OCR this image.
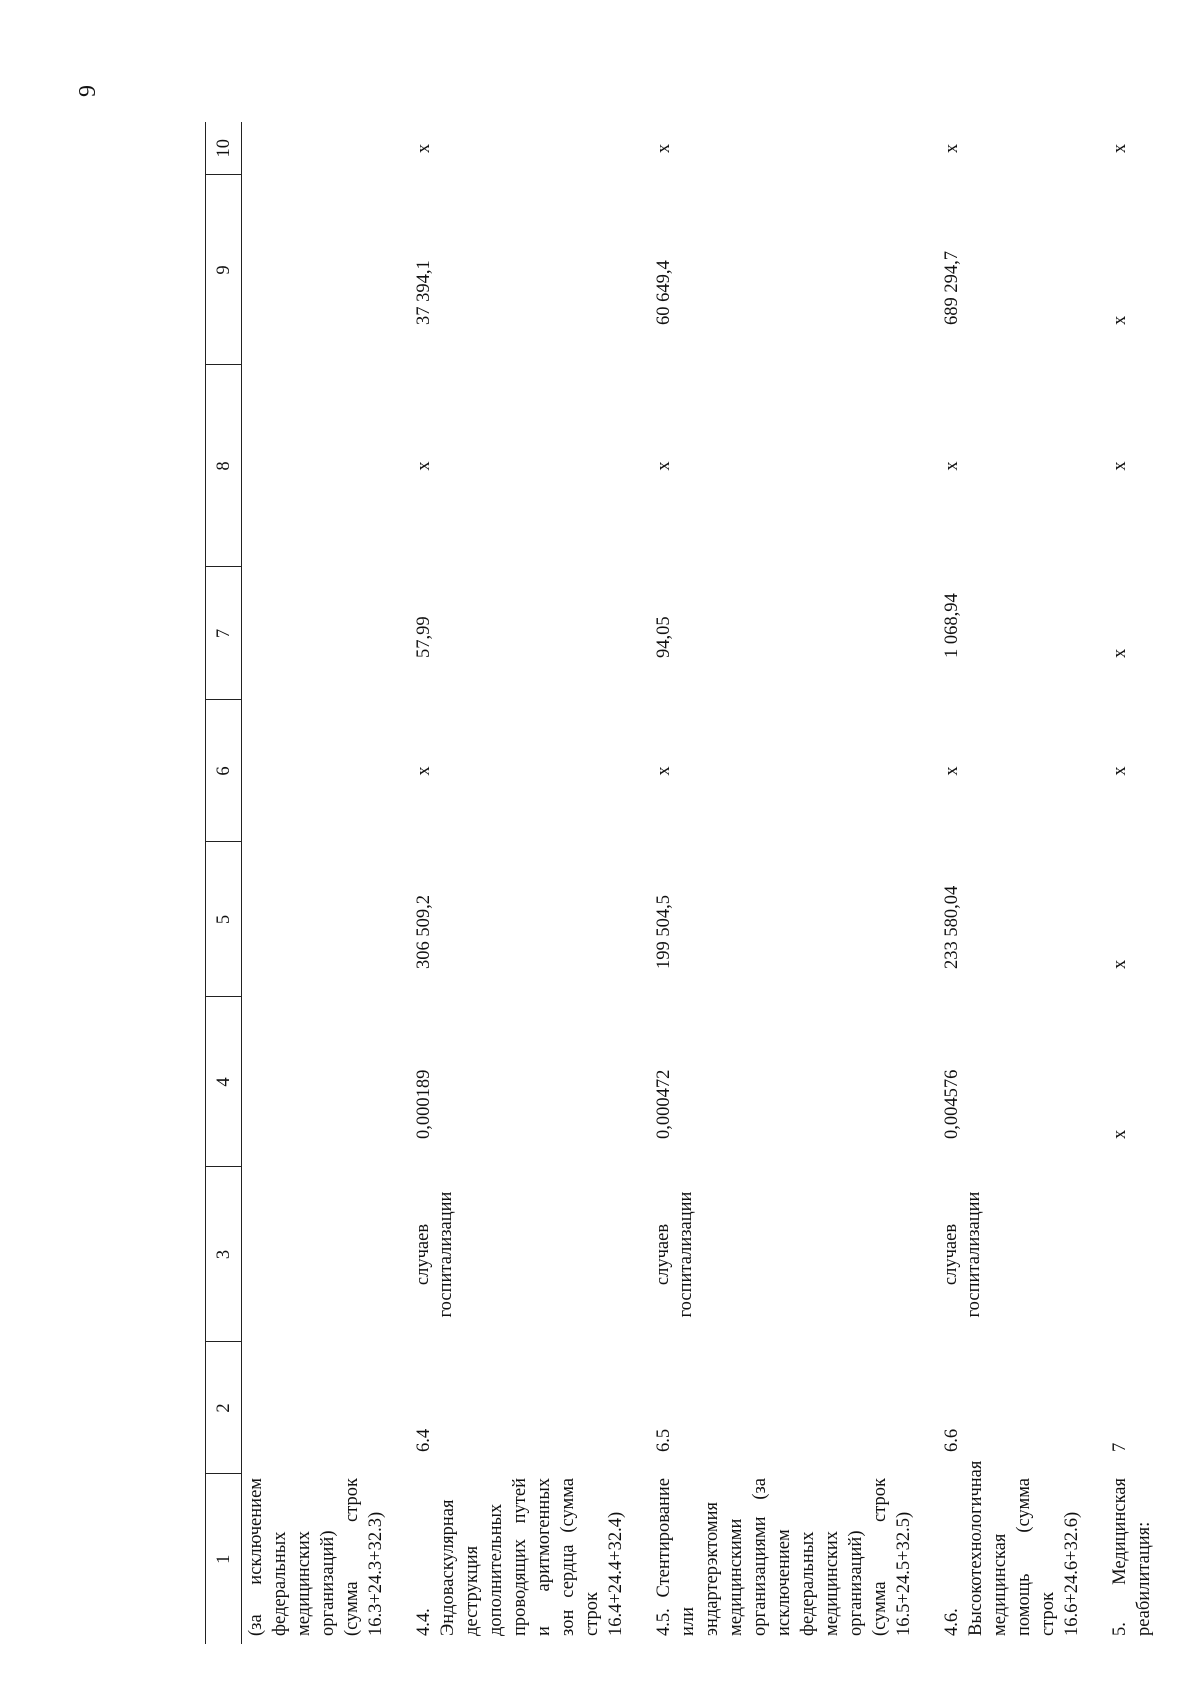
9
1	2	3	4	5	6	7	8	9	10
(за исключением федеральных медицинских организаций) (сумма строк 16.3+24.3+32.3)									
4.4. Эндоваскулярная деструкция дополнительных проводящих путей и аритмогенных зон сердца (сумма строк 16.4+24.4+32.4)	6.4	случаев госпитализации	0,000189	306 509,2	x	57,99	x	37 394,1	x
4.5. Стентирование или эндартерэктомия медицинскими организациями (за исключением федеральных медицинских организаций) (сумма строк 16.5+24.5+32.5)	6.5	случаев госпитализации	0,000472	199 504,5	x	94,05	x	60 649,4	x
4.6. Высокотехнологичная медицинская помощь (сумма строк 16.6+24.6+32.6)	6.6	случаев госпитализации	0,004576	233 580,04	x	1 068,94	x	689 294,7	x
5. Медицинская реабилитация:	7		x	x	x	x	x	x	x
